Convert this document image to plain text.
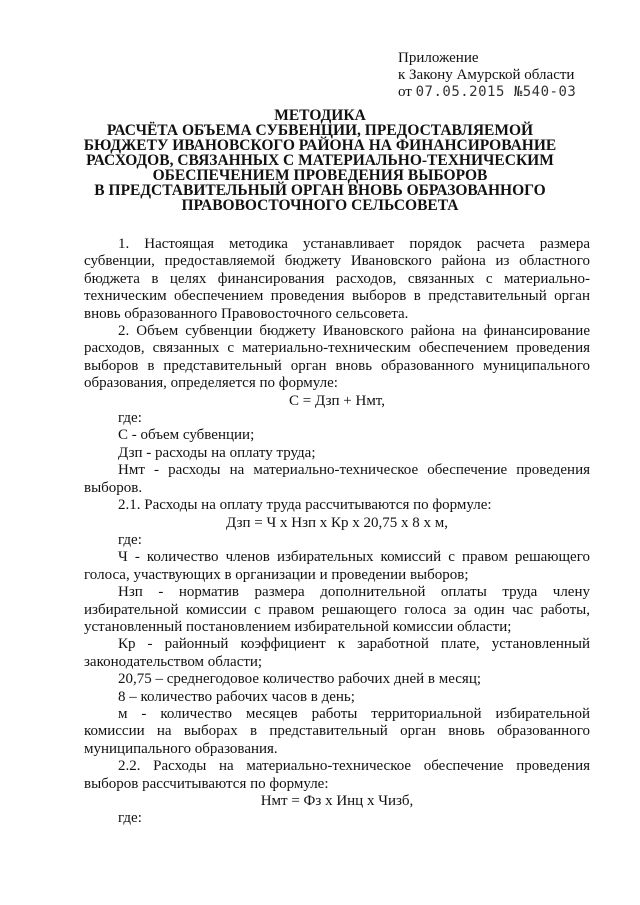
Приложение
к Закону Амурской области
от 07.05.2015 №540-03
МЕТОДИКА
РАСЧЁТА ОБЪЕМА СУБВЕНЦИИ, ПРЕДОСТАВЛЯЕМОЙ
БЮДЖЕТУ ИВАНОВСКОГО РАЙОНА НА ФИНАНСИРОВАНИЕ
РАСХОДОВ, СВЯЗАННЫХ С МАТЕРИАЛЬНО-ТЕХНИЧЕСКИМ
ОБЕСПЕЧЕНИЕМ ПРОВЕДЕНИЯ ВЫБОРОВ
В ПРЕДСТАВИТЕЛЬНЫЙ ОРГАН ВНОВЬ ОБРАЗОВАННОГО
ПРАВОВОСТОЧНОГО СЕЛЬСОВЕТА

1. Настоящая методика устанавливает порядок расчета размера субвенции, предоставляемой бюджету Ивановского района из областного бюджета в целях финансирования расходов, связанных с материально-техническим обеспечением проведения выборов в представительный орган вновь образованного Правовосточного сельсовета.

2. Объем субвенции бюджету Ивановского района на финансирование расходов, связанных с материально-техническим обеспечением проведения выборов в представительный орган вновь образованного муниципального образования, определяется по формуле:

С = Дзп + Нмт,

где:

С - объем субвенции;

Дзп - расходы на оплату труда;

Нмт - расходы на материально-техническое обеспечение проведения выборов.

2.1. Расходы на оплату труда рассчитываются по формуле:

Дзп = Ч х Нзп х Кр х 20,75 х 8 х м,

где:

Ч - количество членов избирательных комиссий с правом решающего голоса, участвующих в организации и проведении выборов;

Нзп - норматив размера дополнительной оплаты труда члену избирательной комиссии с правом решающего голоса за один час работы, установленный постановлением избирательной комиссии области;

Кр - районный коэффициент к заработной плате, установленный законодательством области;

20,75 – среднегодовое количество рабочих дней в месяц;

8 – количество рабочих часов в день;

м - количество месяцев работы территориальной избирательной комиссии на выборах в представительный орган вновь образованного муниципального образования.

2.2. Расходы на материально-техническое обеспечение проведения выборов рассчитываются по формуле:

Нмт = Фз х Инц х Чизб,

где:
